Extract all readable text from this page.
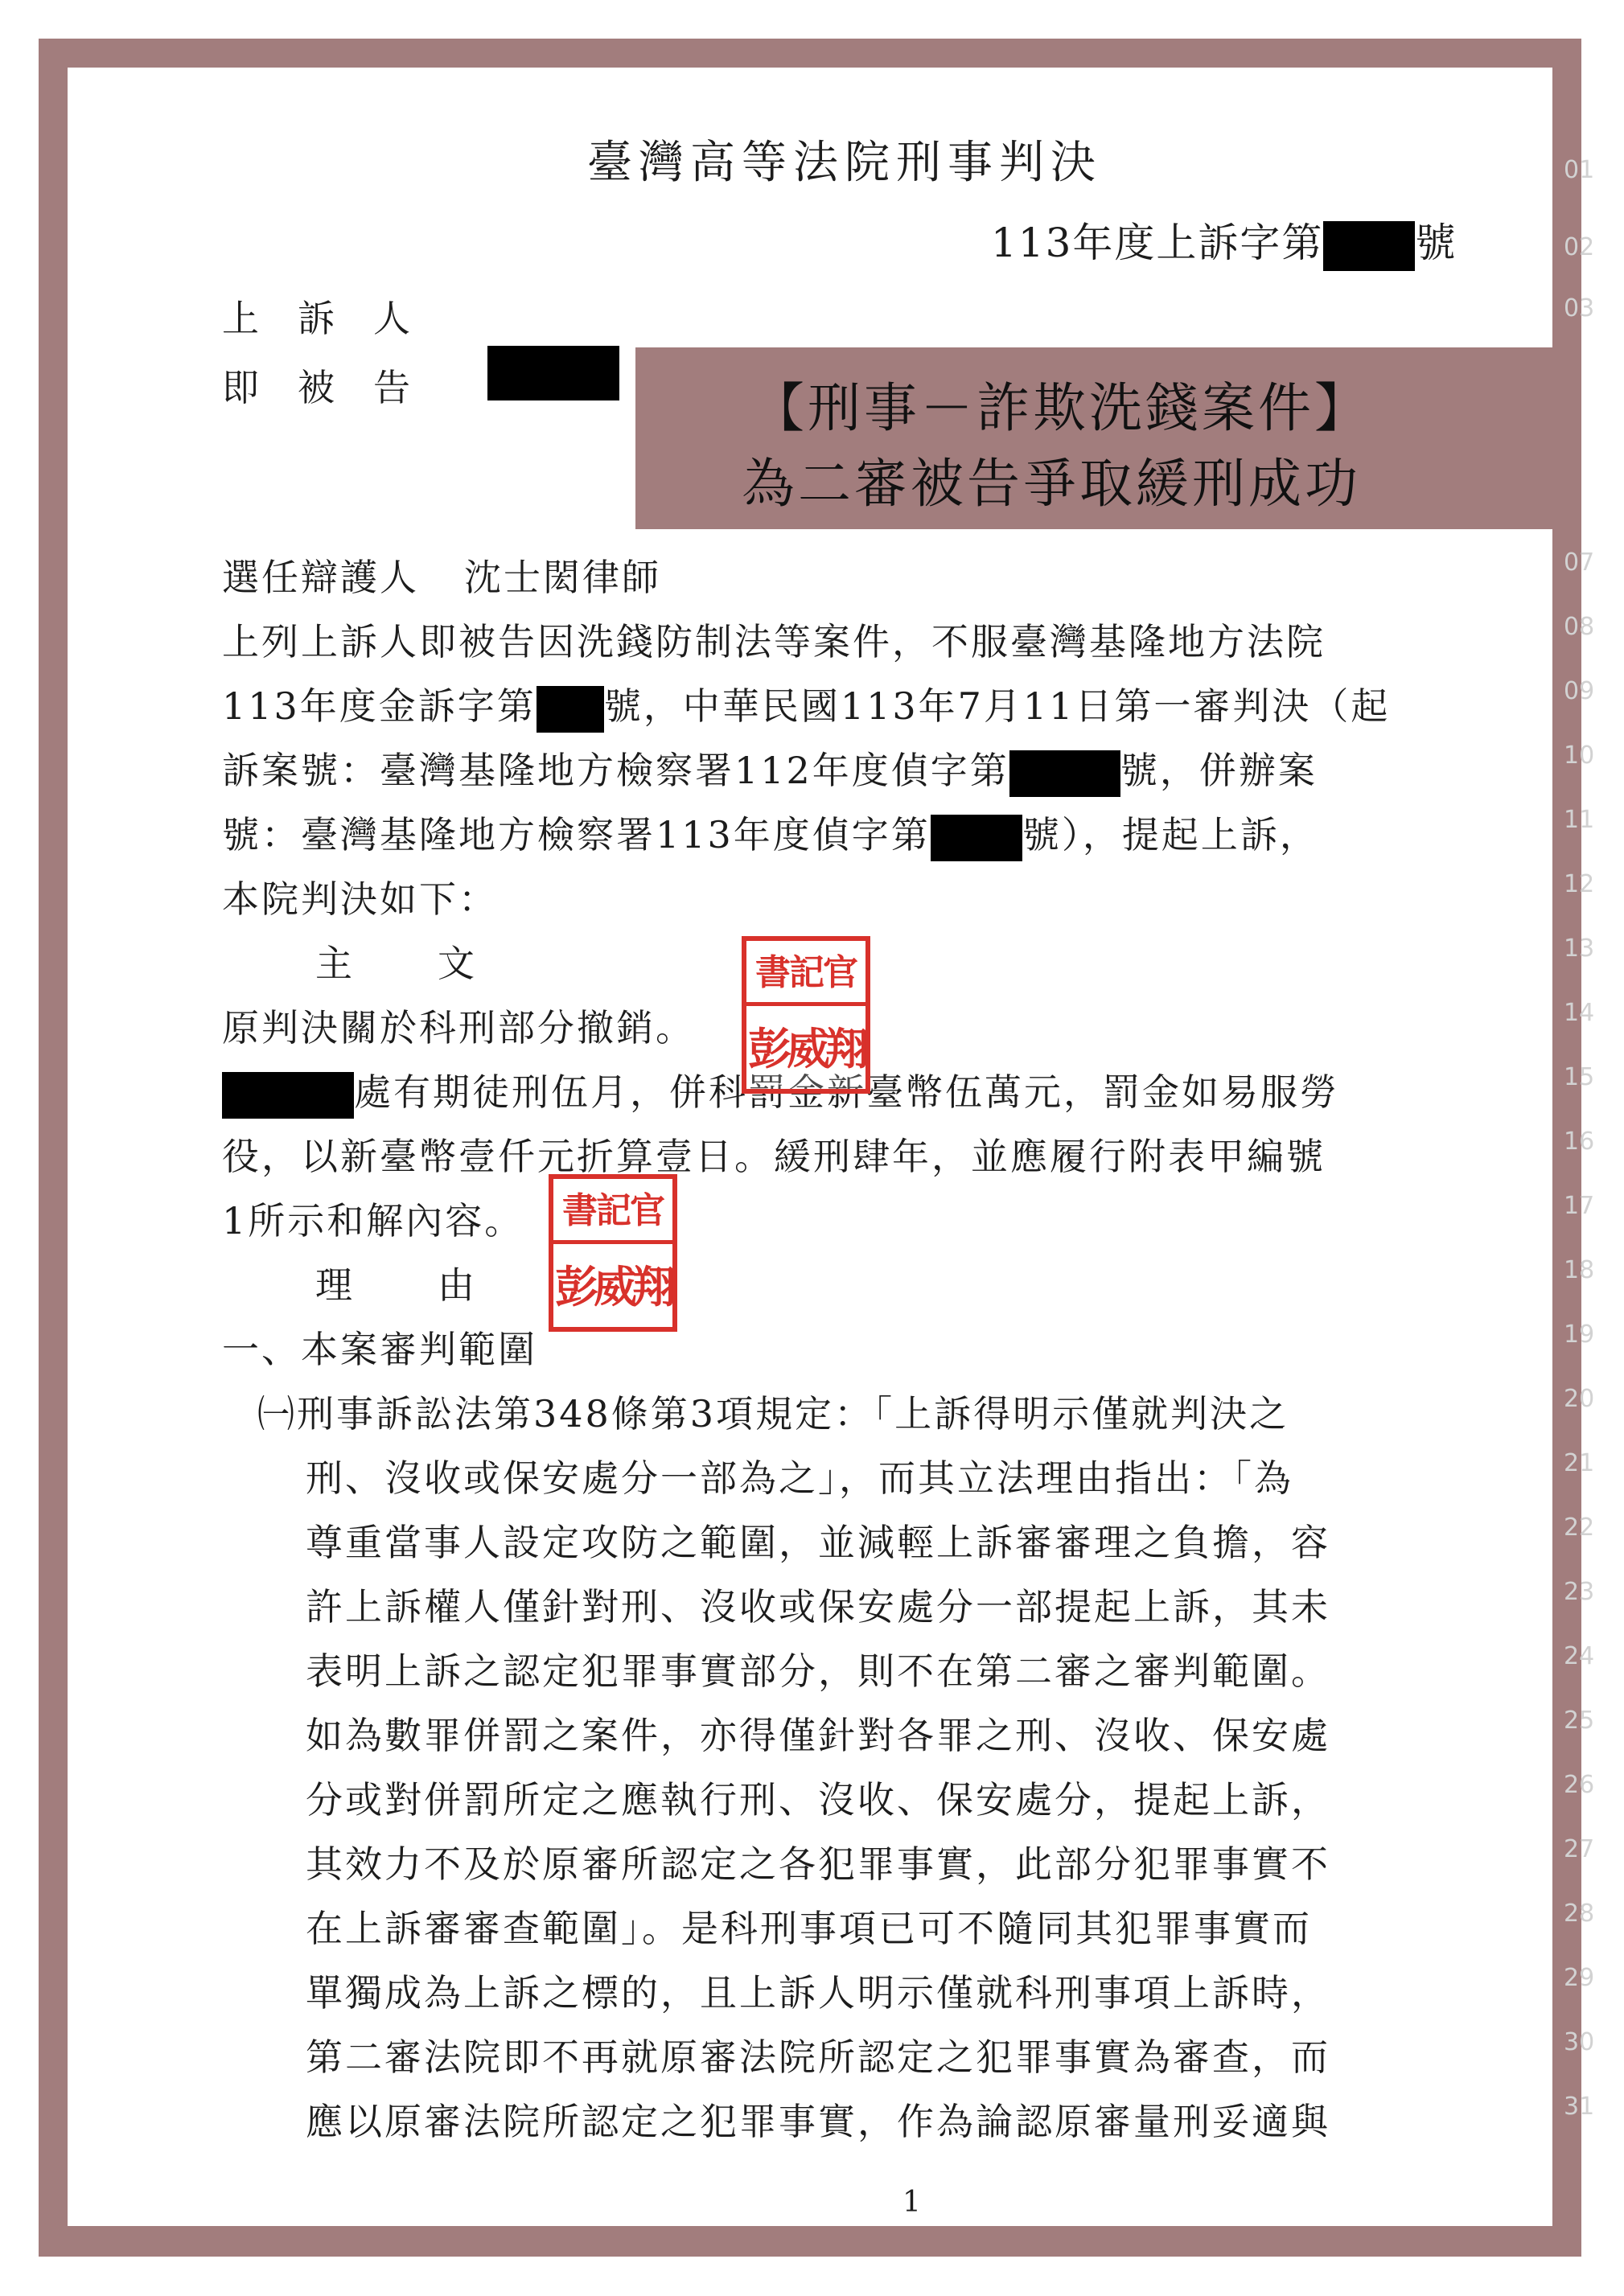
臺灣高等法院刑事判決
113年度上訴字第 號
上訴人
即被告	【刑事－詐欺洗錢案件】
為二審被告爭取緩刑成功
選任辯護人 沈士閎律師
上列上訴人即被告因洗錢防制法等案件，不服臺灣基隆地方法院
113年度金訴字第 號，中華民國113年7月11日第一審判決（起
訴案號：臺灣基隆地方檢察署112年度偵字第	號，併辦案
號：臺灣基隆地方檢察署113年度偵字第 號），提起上訴，
本院判決如下：
主　文
原判決關於科刑部分撤銷。
處有期徒刑伍月，併科罰金新臺幣伍萬元，罰金如易服勞
役，以新臺幣壹仟元折算壹日。緩刑肆年，並應履行附表甲編號
1所示和解內容。
理　由
一、本案審判範圍
㈠刑事訴訟法第348條第3項規定：「上訴得明示僅就判決之
刑、沒收或保安處分一部為之」，而其立法理由指出：「為
尊重當事人設定攻防之範圍，並減輕上訴審審理之負擔，容
許上訴權人僅針對刑、沒收或保安處分一部提起上訴，其未
表明上訴之認定犯罪事實部分，則不在第二審之審判範圍。
如為數罪併罰之案件，亦得僅針對各罪之刑、沒收、保安處
分或對併罰所定之應執行刑、沒收、保安處分，提起上訴，
其效力不及於原審所認定之各犯罪事實，此部分犯罪事實不
在上訴審審查範圍」。是科刑事項已可不隨同其犯罪事實而
單獨成為上訴之標的，且上訴人明示僅就科刑事項上訴時，
第二審法院即不再就原審法院所認定之犯罪事實為審查，而
應以原審法院所認定之犯罪事實，作為論認原審量刑妥適與
書記官
彭威翔
書記官
彭威翔
01
02
03
07
08
09
10
11
12
13
14
15
16
17
18
19
20
21
22
23
24
25
26
27
28
29
30
31
1
